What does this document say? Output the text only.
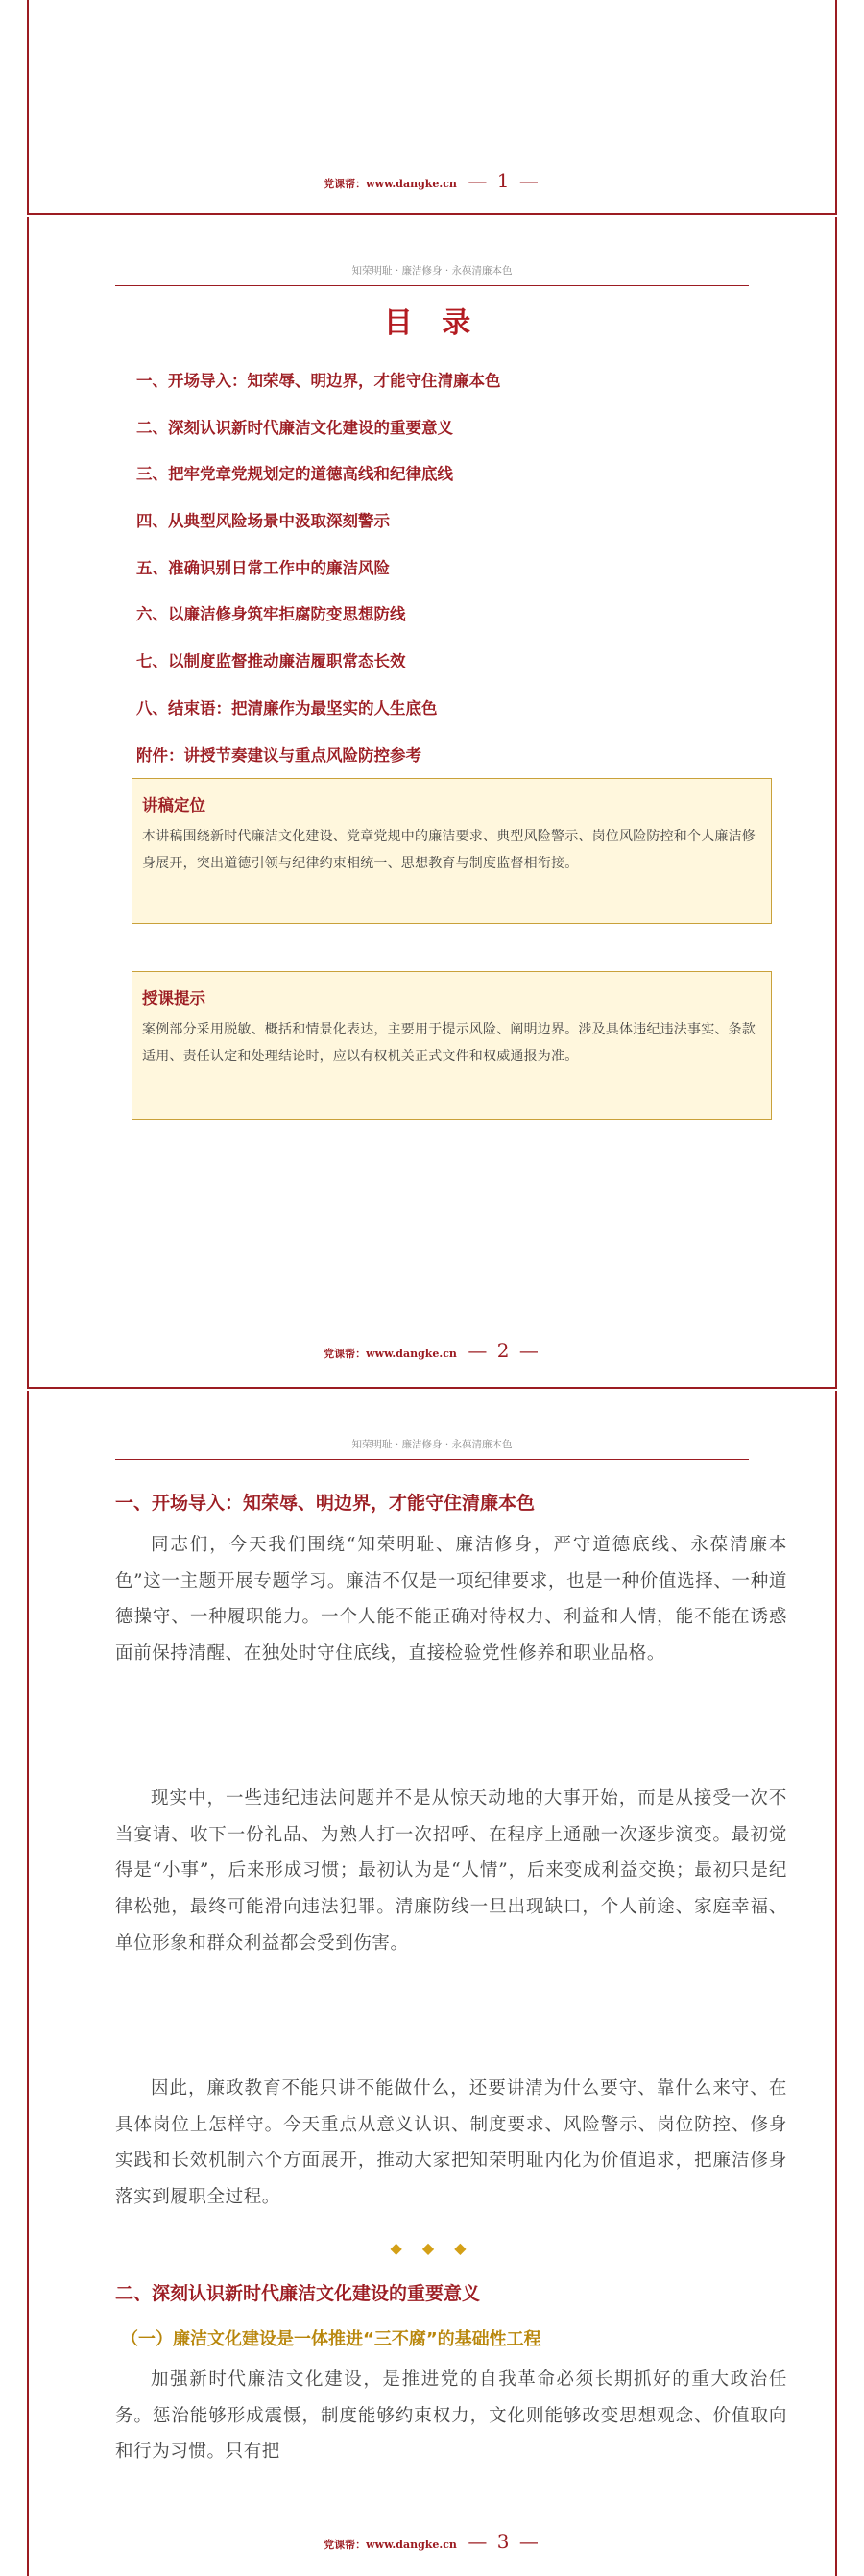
党课帮：www.dangke.cn — 1 —
知荣明耻 · 廉洁修身 · 永葆清廉本色
目 录
一、开场导入：知荣辱、明边界，才能守住清廉本色
二、深刻认识新时代廉洁文化建设的重要意义
三、把牢党章党规划定的道德高线和纪律底线
四、从典型风险场景中汲取深刻警示
五、准确识别日常工作中的廉洁风险
六、以廉洁修身筑牢拒腐防变思想防线
七、以制度监督推动廉洁履职常态长效
八、结束语：把清廉作为最坚实的人生底色
附件：讲授节奏建议与重点风险防控参考
讲稿定位

本讲稿围绕新时代廉洁文化建设、党章党规中的廉洁要求、典型风险警示、岗位风险防控和个人廉洁修身展开，突出道德引领与纪律约束相统一、思想教育与制度监督相衔接。

授课提示

案例部分采用脱敏、概括和情景化表达，主要用于提示风险、阐明边界。涉及具体违纪违法事实、条款适用、责任认定和处理结论时，应以有权机关正式文件和权威通报为准。

党课帮：www.dangke.cn — 2 —
知荣明耻 · 廉洁修身 · 永葆清廉本色
一、开场导入：知荣辱、明边界，才能守住清廉本色

同志们，今天我们围绕“知荣明耻、廉洁修身，严守道德底线、永葆清廉本色”这一主题开展专题学习。廉洁不仅是一项纪律要求，也是一种价值选择、一种道德操守、一种履职能力。一个人能不能正确对待权力、利益和人情，能不能在诱惑面前保持清醒、在独处时守住底线，直接检验党性修养和职业品格。

现实中，一些违纪违法问题并不是从惊天动地的大事开始，而是从接受一次不当宴请、收下一份礼品、为熟人打一次招呼、在程序上通融一次逐步演变。最初觉得是“小事”，后来形成习惯；最初认为是“人情”，后来变成利益交换；最初只是纪律松弛，最终可能滑向违法犯罪。清廉防线一旦出现缺口，个人前途、家庭幸福、单位形象和群众利益都会受到伤害。

因此，廉政教育不能只讲不能做什么，还要讲清为什么要守、靠什么来守、在具体岗位上怎样守。今天重点从意义认识、制度要求、风险警示、岗位防控、修身实践和长效机制六个方面展开，推动大家把知荣明耻内化为价值追求，把廉洁修身落实到履职全过程。

◆ ◆ ◆
二、深刻认识新时代廉洁文化建设的重要意义
（一）廉洁文化建设是一体推进“三不腐”的基础性工程

加强新时代廉洁文化建设，是推进党的自我革命必须长期抓好的重大政治任务。惩治能够形成震慑，制度能够约束权力，文化则能够改变思想观念、价值取向和行为习惯。只有把

党课帮：www.dangke.cn — 3 —
